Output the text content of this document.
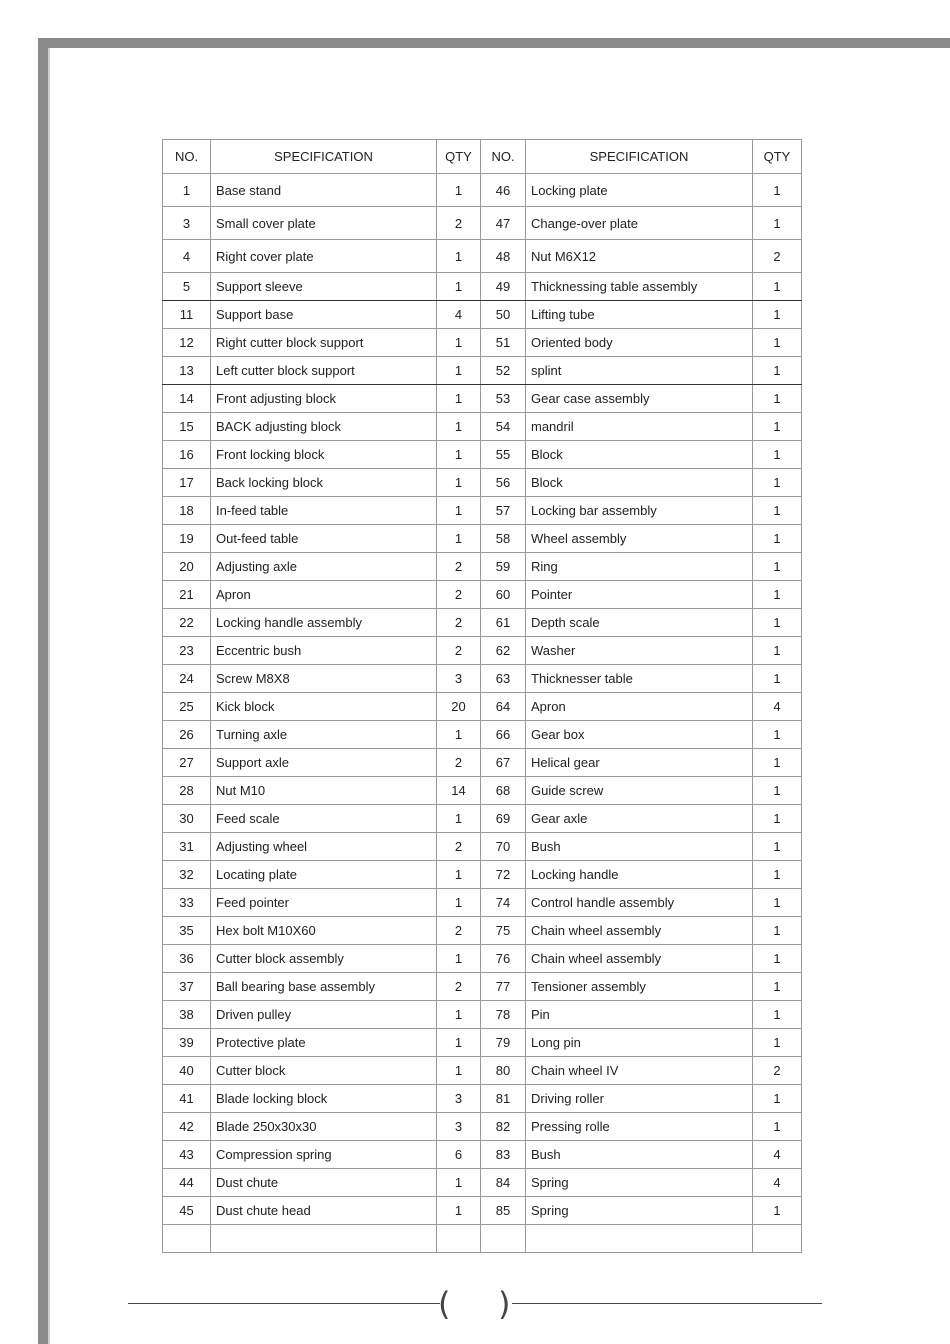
NO.	SPECIFICATION	QTY	NO.	SPECIFICATION	QTY
1	Base stand	1	46	Locking plate	1
3	Small cover plate	2	47	Change-over plate	1
4	Right cover plate	1	48	Nut M6X12	2
5	Support sleeve	1	49	Thicknessing table assembly	1
11	Support base	4	50	Lifting tube	1
12	Right cutter block support	1	51	Oriented body	1
13	Left cutter block support	1	52	splint	1
14	Front adjusting block	1	53	Gear case assembly	1
15	BACK adjusting block	1	54	mandril	1
16	Front locking block	1	55	Block	1
17	Back locking block	1	56	Block	1
18	In-feed table	1	57	Locking bar assembly	1
19	Out-feed table	1	58	Wheel assembly	1
20	Adjusting axle	2	59	Ring	1
21	Apron	2	60	Pointer	1
22	Locking handle assembly	2	61	Depth scale	1
23	Eccentric bush	2	62	Washer	1
24	Screw M8X8	3	63	Thicknesser table	1
25	Kick block	20	64	Apron	4
26	Turning axle	1	66	Gear box	1
27	Support axle	2	67	Helical gear	1
28	Nut M10	14	68	Guide screw	1
30	Feed scale	1	69	Gear axle	1
31	Adjusting wheel	2	70	Bush	1
32	Locating plate	1	72	Locking handle	1
33	Feed pointer	1	74	Control handle assembly	1
35	Hex bolt M10X60	2	75	Chain wheel assembly	1
36	Cutter block assembly	1	76	Chain wheel assembly	1
37	Ball bearing base assembly	2	77	Tensioner assembly	1
38	Driven pulley	1	78	Pin	1
39	Protective plate	1	79	Long pin	1
40	Cutter block	1	80	Chain wheel IV	2
41	Blade locking block	3	81	Driving roller	1
42	Blade 250x30x30	3	82	Pressing rolle	1
43	Compression spring	6	83	Bush	4
44	Dust chute	1	84	Spring	4
45	Dust chute head	1	85	Spring	1

( )
